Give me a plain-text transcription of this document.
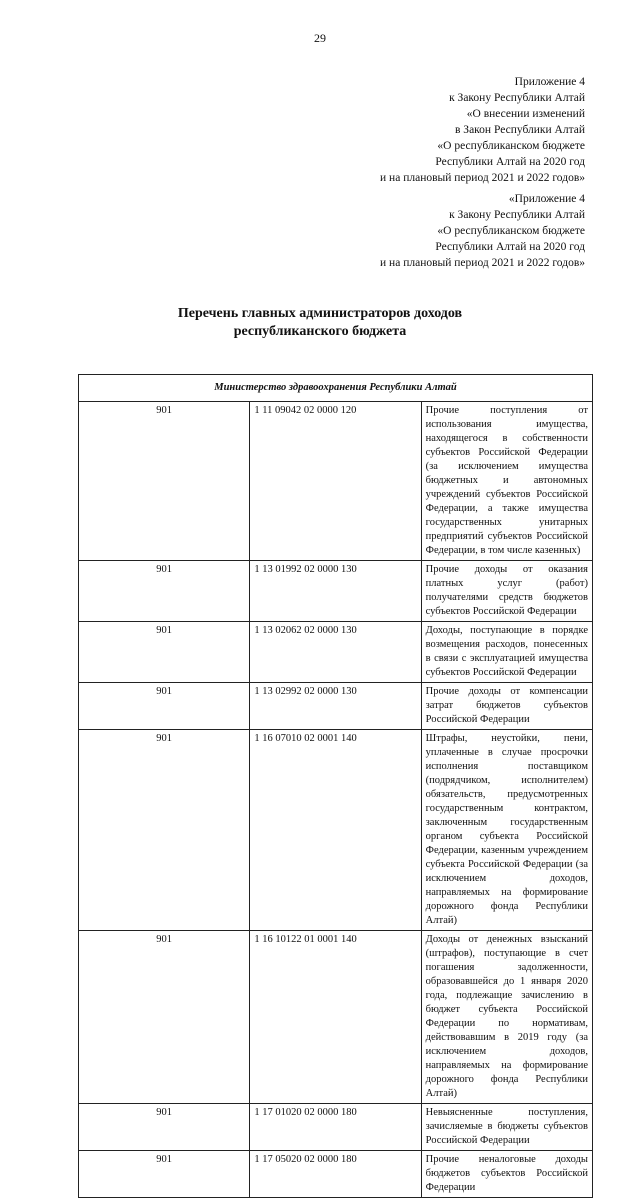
29
Приложение 4
к Закону Республики Алтай
«О внесении изменений
в Закон Республики Алтай
«О республиканском бюджете
Республики Алтай на 2020 год
и на плановый период 2021 и 2022 годов»
«Приложение 4
к Закону Республики Алтай
«О республиканском бюджете
Республики Алтай на 2020 год
и на плановый период 2021 и 2022 годов»
Перечень главных администраторов доходов
республиканского бюджета
Министерство здравоохранения Республики Алтай		
901	1 11 09042 02 0000 120	Прочие поступления от использования имущества, находящегося в собственности субъектов Российской Федерации (за исключением имущества бюджетных и автономных учреждений субъектов Российской Федерации, а также имущества государственных унитарных предприятий субъектов Российской Федерации, в том числе казенных)
901	1 13 01992 02 0000 130	Прочие доходы от оказания платных услуг (работ) получателями средств бюджетов субъектов Российской Федерации
901	1 13 02062 02 0000 130	Доходы, поступающие в порядке возмещения расходов, понесенных в связи с эксплуатацией имущества субъектов Российской Федерации
901	1 13 02992 02 0000 130	Прочие доходы от компенсации затрат бюджетов субъектов Российской Федерации
901	1 16 07010 02 0001 140	Штрафы, неустойки, пени, уплаченные в случае просрочки исполнения поставщиком (подрядчиком, исполнителем) обязательств, предусмотренных государственным контрактом, заключенным государственным органом субъекта Российской Федерации, казенным учреждением субъекта Российской Федерации (за исключением доходов, направляемых на формирование дорожного фонда Республики Алтай)
901	1 16 10122 01 0001 140	Доходы от денежных взысканий (штрафов), поступающие в счет погашения задолженности, образовавшейся до 1 января 2020 года, подлежащие зачислению в бюджет субъекта Российской Федерации по нормативам, действовавшим в 2019 году (за исключением доходов, направляемых на формирование дорожного фонда Республики Алтай)
901	1 17 01020 02 0000 180	Невыясненные поступления, зачисляемые в бюджеты субъектов Российской Федерации
901	1 17 05020 02 0000 180	Прочие неналоговые доходы бюджетов субъектов Российской Федерации
